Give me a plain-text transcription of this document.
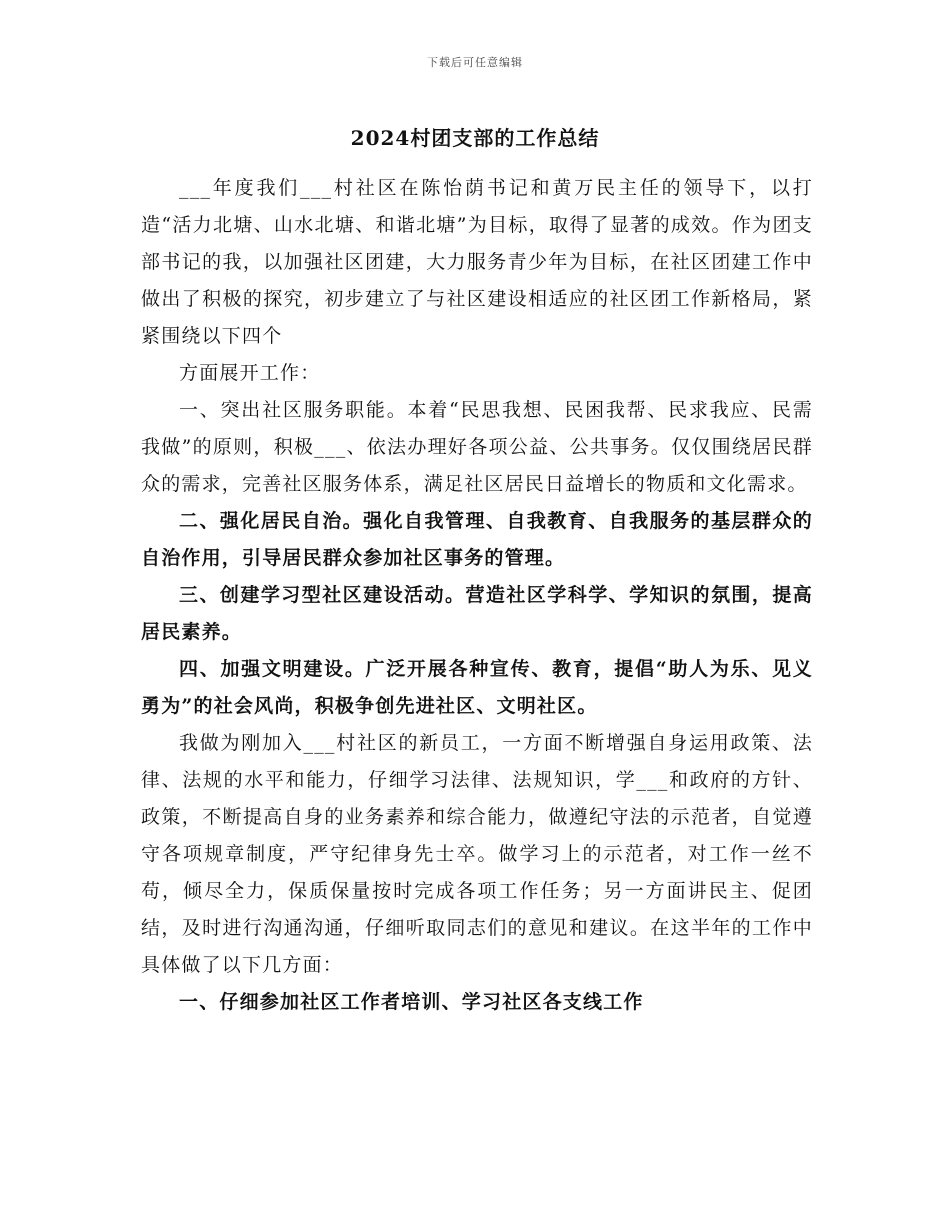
下载后可任意编辑
2024村团支部的工作总结

___年度我们___村社区在陈怡荫书记和黄万民主任的领导下，以打造“活力北塘、山水北塘、和谐北塘”为目标，取得了显著的成效。作为团支部书记的我，以加强社区团建，大力服务青少年为目标，在社区团建工作中做出了积极的探究，初步建立了与社区建设相适应的社区团工作新格局，紧紧围绕以下四个

方面展开工作：

一、突出社区服务职能。本着“民思我想、民困我帮、民求我应、民需我做”的原则，积极___、依法办理好各项公益、公共事务。仅仅围绕居民群众的需求，完善社区服务体系，满足社区居民日益增长的物质和文化需求。

二、强化居民自治。强化自我管理、自我教育、自我服务的基层群众的自治作用，引导居民群众参加社区事务的管理。

三、创建学习型社区建设活动。营造社区学科学、学知识的氛围，提高居民素养。

四、加强文明建设。广泛开展各种宣传、教育，提倡“助人为乐、见义勇为”的社会风尚，积极争创先进社区、文明社区。

我做为刚加入___村社区的新员工，一方面不断增强自身运用政策、法律、法规的水平和能力，仔细学习法律、法规知识，学___和政府的方针、政策，不断提高自身的业务素养和综合能力，做遵纪守法的示范者，自觉遵守各项规章制度，严守纪律身先士卒。做学习上的示范者，对工作一丝不苟，倾尽全力，保质保量按时完成各项工作任务；另一方面讲民主、促团结，及时进行沟通沟通，仔细听取同志们的意见和建议。在这半年的工作中具体做了以下几方面：

一、仔细参加社区工作者培训、学习社区各支线工作
